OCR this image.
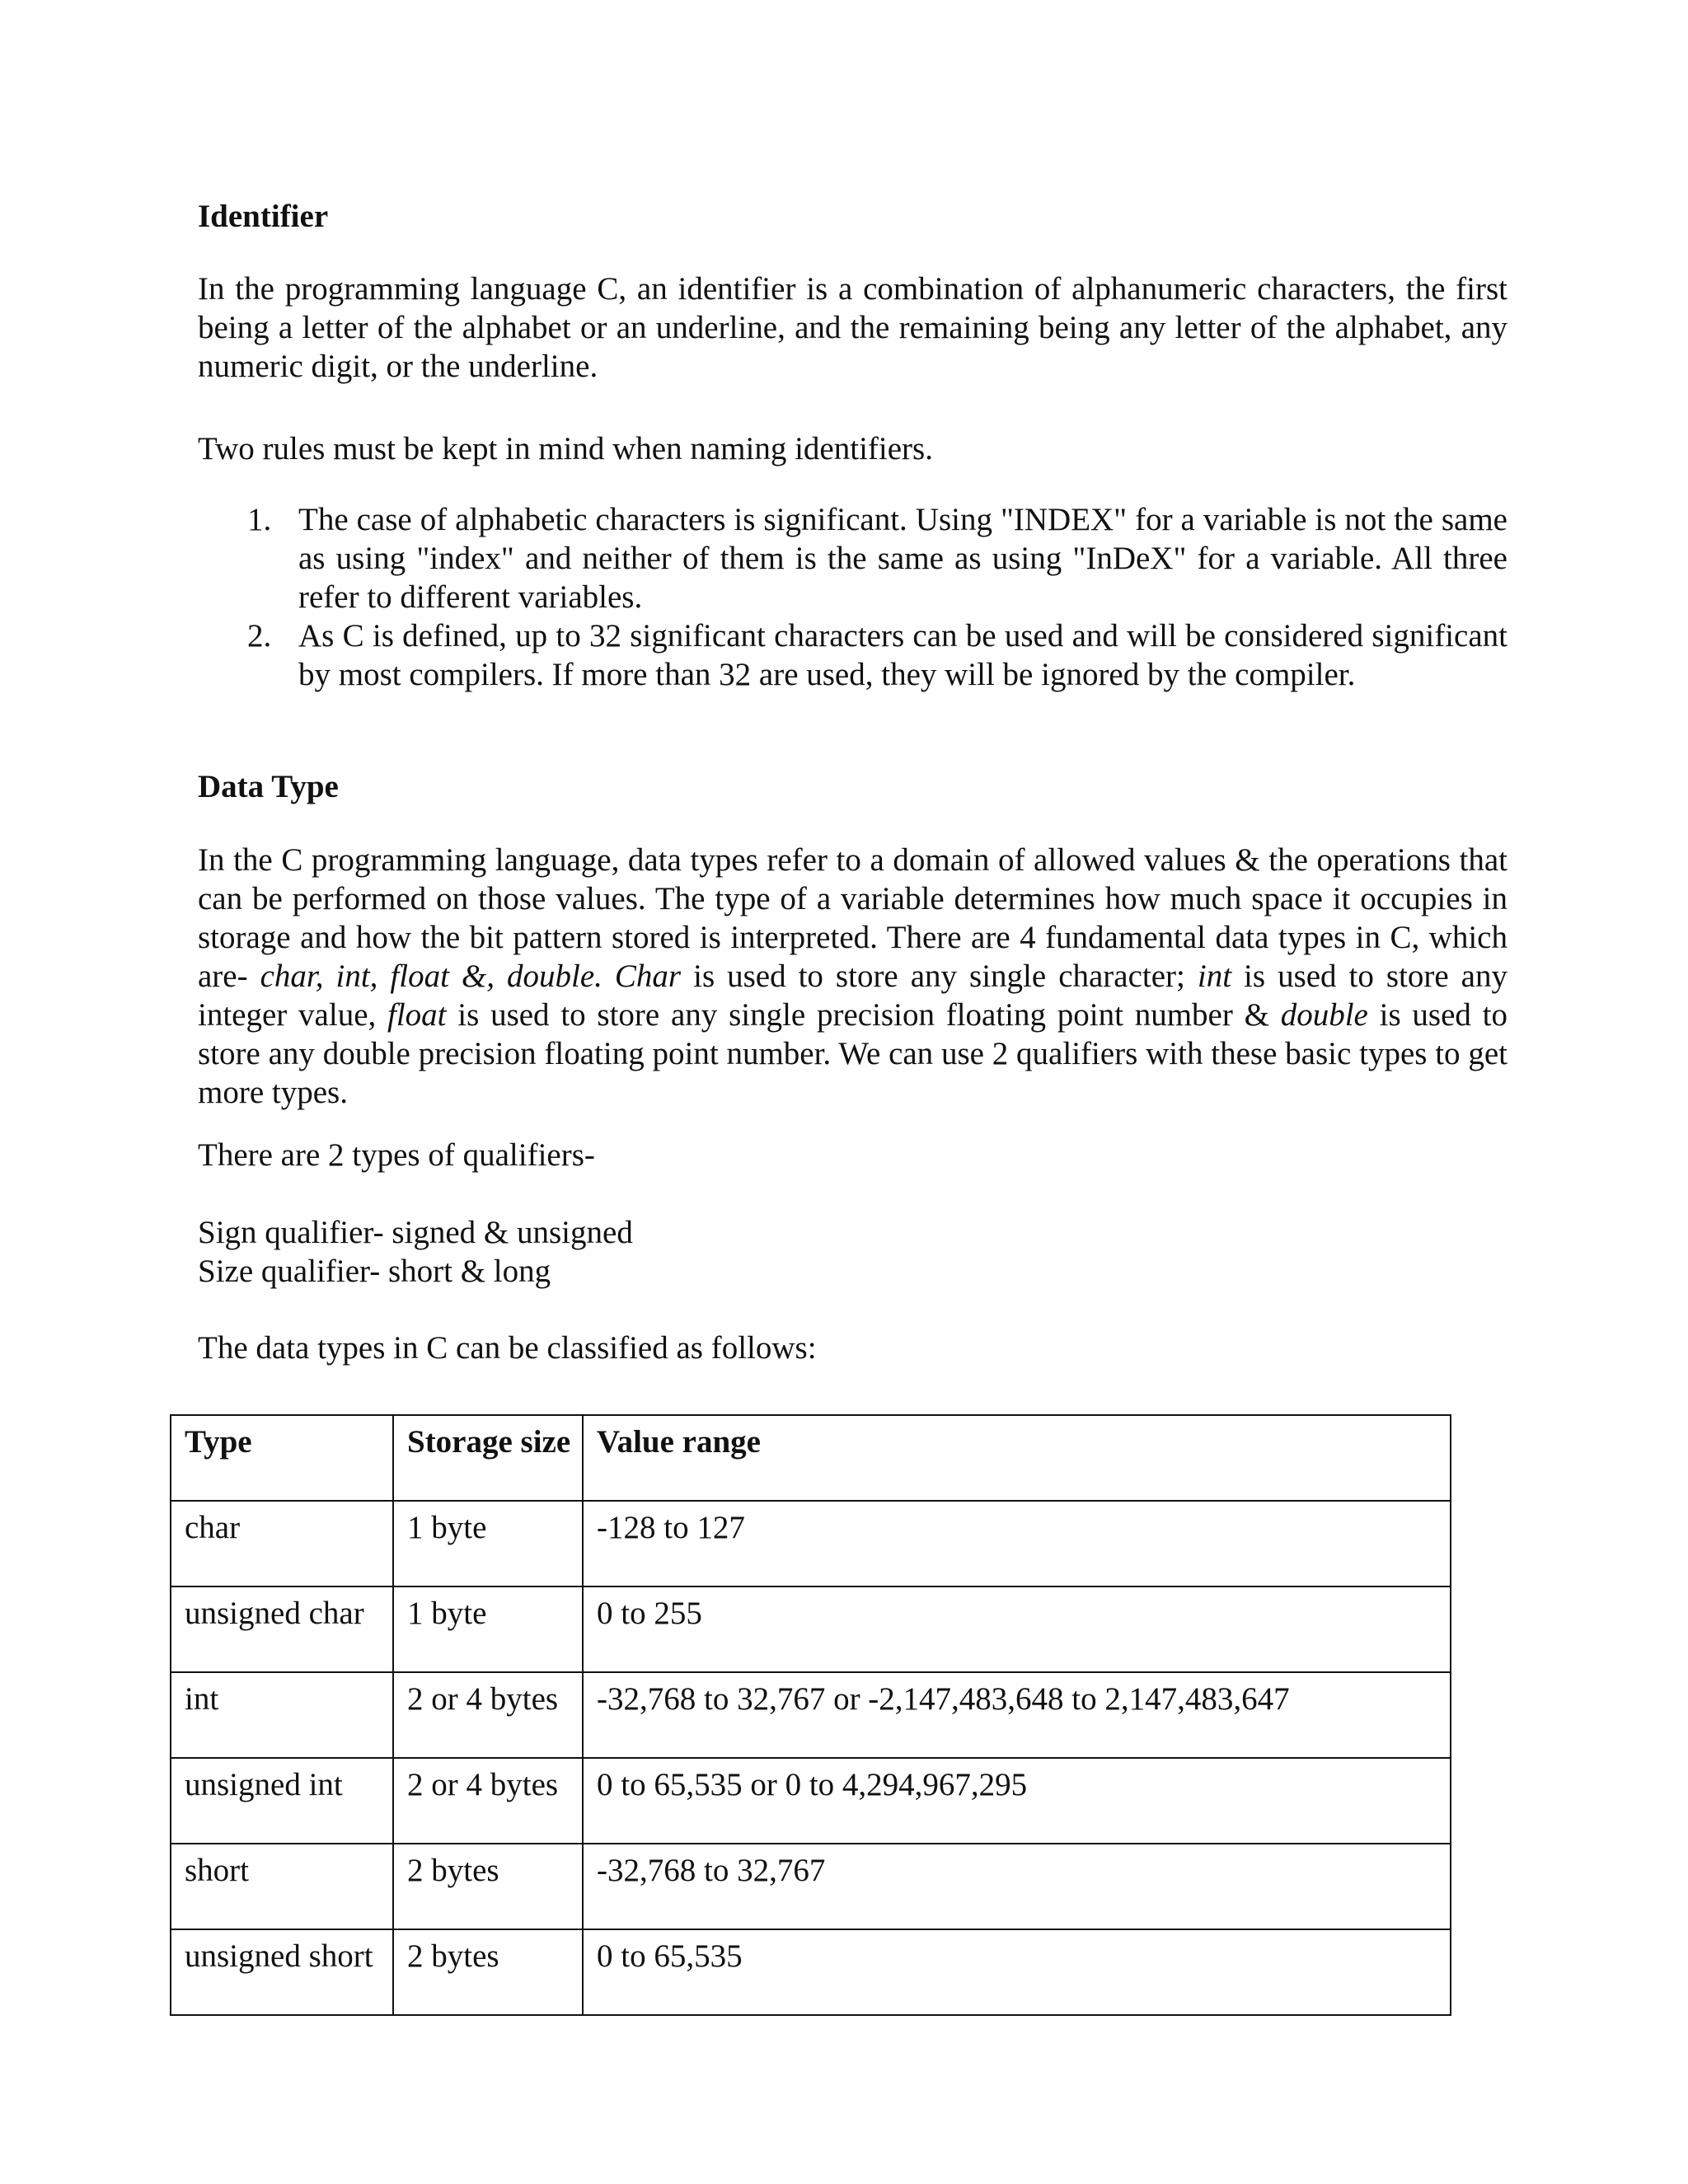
Identifier

In the programming language C, an identifier is a combination of alphanumeric characters, the first being a letter of the alphabet or an underline, and the remaining being any letter of the alphabet, any numeric digit, or the underline.

Two rules must be kept in mind when naming identifiers.

1. The case of alphabetic characters is significant. Using "INDEX" for a variable is not the same as using "index" and neither of them is the same as using "InDeX" for a variable. All three refer to different variables.
2. As C is defined, up to 32 significant characters can be used and will be considered significant by most compilers. If more than 32 are used, they will be ignored by the compiler.
Data Type

In the C programming language, data types refer to a domain of allowed values & the operations that can be performed on those values. The type of a variable determines how much space it occupies in storage and how the bit pattern stored is interpreted. There are 4 fundamental data types in C, which are- char, int, float &, double. Char is used to store any single character; int is used to store any integer value, float is used to store any single precision floating point number & double is used to store any double precision floating point number. We can use 2 qualifiers with these basic types to get more types.

There are 2 types of qualifiers-

Sign qualifier- signed & unsigned

Size qualifier- short & long

The data types in C can be classified as follows:

Type	Storage size	Value range
char	1 byte	-128 to 127
unsigned char	1 byte	0 to 255
int	2 or 4 bytes	-32,768 to 32,767 or -2,147,483,648 to 2,147,483,647
unsigned int	2 or 4 bytes	0 to 65,535 or 0 to 4,294,967,295
short	2 bytes	-32,768 to 32,767
unsigned short	2 bytes	0 to 65,535
